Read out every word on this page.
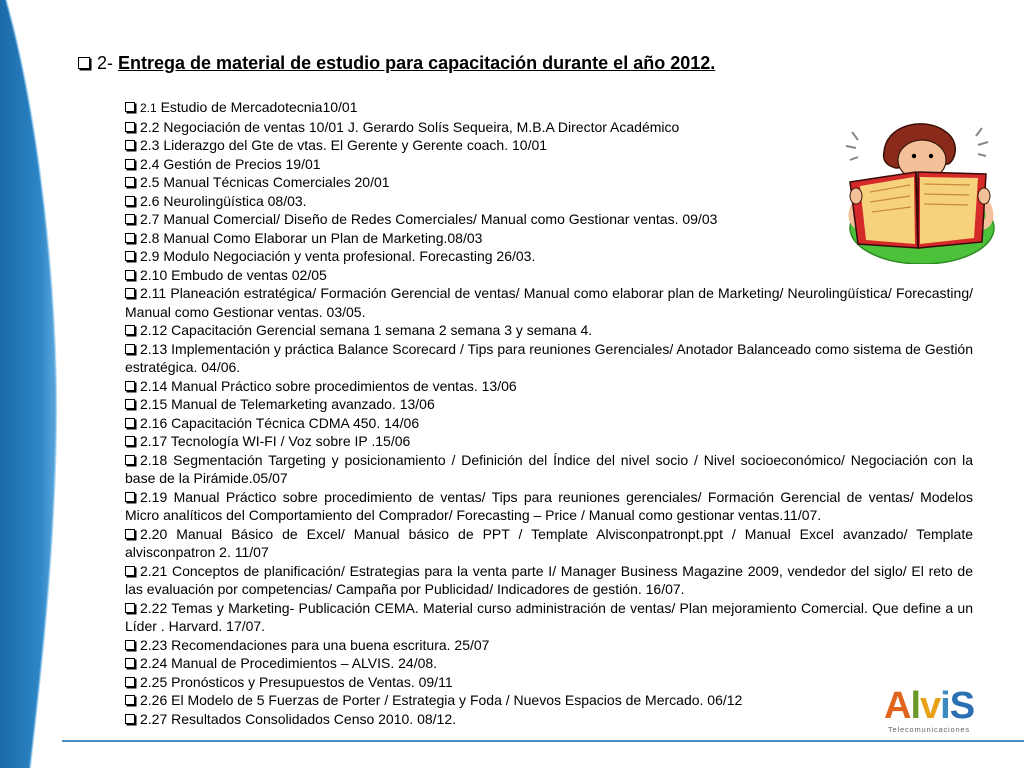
2- Entrega de material de estudio para capacitación durante el año 2012.

2.1 Estudio de Mercadotecnia10/01

2.2 Negociación de ventas 10/01 J. Gerardo Solís Sequeira, M.B.A Director Académico

2.3 Liderazgo del Gte de vtas. El Gerente y Gerente coach. 10/01

2.4 Gestión de Precios 19/01

2.5 Manual Técnicas Comerciales 20/01

2.6 Neurolingüística 08/03.

2.7 Manual Comercial/ Diseño de Redes Comerciales/ Manual como Gestionar ventas. 09/03

2.8 Manual Como Elaborar un Plan de Marketing.08/03

2.9 Modulo Negociación y venta profesional. Forecasting 26/03.

2.10 Embudo de ventas 02/05

2.11 Planeación estratégica/ Formación Gerencial de ventas/ Manual como elaborar plan de Marketing/ Neurolingüística/ Forecasting/ Manual como Gestionar ventas. 03/05.

2.12 Capacitación Gerencial semana 1 semana 2 semana 3 y semana 4.

2.13 Implementación y práctica Balance Scorecard / Tips para reuniones Gerenciales/ Anotador Balanceado como sistema de Gestión estratégica. 04/06.

2.14 Manual Práctico sobre procedimientos de ventas. 13/06

2.15 Manual de Telemarketing avanzado. 13/06

2.16 Capacitación Técnica CDMA 450. 14/06

2.17 Tecnología WI-FI / Voz sobre IP .15/06

2.18 Segmentación Targeting y posicionamiento / Definición del Índice del nivel socio / Nivel socioeconómico/ Negociación con la base de la Pirámide.05/07

2.19 Manual Práctico sobre procedimiento de ventas/ Tips para reuniones gerenciales/ Formación Gerencial de ventas/ Modelos Micro analíticos del Comportamiento del Comprador/ Forecasting – Price / Manual como gestionar ventas.11/07.

2.20 Manual Básico de Excel/ Manual básico de PPT / Template Alvisconpatronpt.ppt / Manual Excel avanzado/ Template alvisconpatron 2. 11/07

2.21 Conceptos de planificación/ Estrategias para la venta parte I/ Manager Business Magazine 2009, vendedor del siglo/ El reto de las evaluación por competencias/ Campaña por Publicidad/ Indicadores de gestión. 16/07.

2.22 Temas y Marketing- Publicación CEMA. Material curso administración de ventas/ Plan mejoramiento Comercial. Que define a un Líder . Harvard. 17/07.

2.23 Recomendaciones para una buena escritura. 25/07

2.24 Manual de Procedimientos – ALVIS. 24/08.

2.25 Pronósticos y Presupuestos de Ventas. 09/11

2.26 El Modelo de 5 Fuerzas de Porter / Estrategia y Foda / Nuevos Espacios de Mercado. 06/12

2.27 Resultados Consolidados Censo 2010. 08/12.	AlviS
Telecomunicaciones
